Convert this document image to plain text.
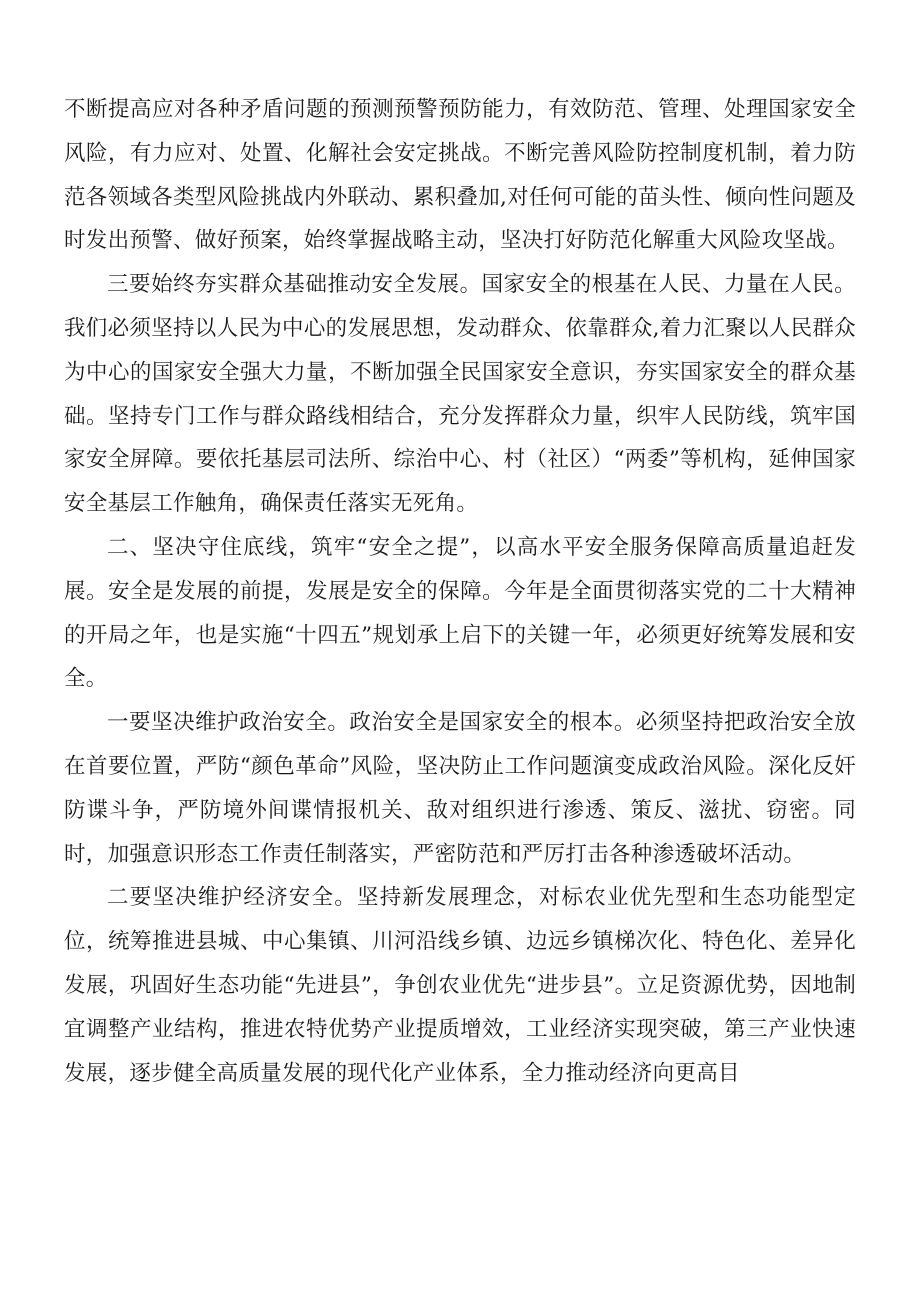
不断提高应对各种矛盾问题的预测预警预防能力，有效防范、管理、处理国家安全风险，有力应对、处置、化解社会安定挑战。不断完善风险防控制度机制，着力防范各领域各类型风险挑战内外联动、累积叠加,对任何可能的苗头性、倾向性问题及时发出预警、做好预案，始终掌握战略主动，坚决打好防范化解重大风险攻坚战。

三要始终夯实群众基础推动安全发展。国家安全的根基在人民、力量在人民。我们必须坚持以人民为中心的发展思想，发动群众、依靠群众,着力汇聚以人民群众为中心的国家安全强大力量，不断加强全民国家安全意识，夯实国家安全的群众基础。坚持专门工作与群众路线相结合，充分发挥群众力量，织牢人民防线，筑牢国家安全屏障。要依托基层司法所、综治中心、村（社区）“两委”等机构，延伸国家安全基层工作触角，确保责任落实无死角。

二、坚决守住底线，筑牢“安全之提”，以高水平安全服务保障高质量追赶发展。安全是发展的前提，发展是安全的保障。今年是全面贯彻落实党的二十大精神的开局之年，也是实施“十四五”规划承上启下的关键一年，必须更好统筹发展和安全。

一要坚决维护政治安全。政治安全是国家安全的根本。必须坚持把政治安全放在首要位置，严防“颜色革命”风险，坚决防止工作问题演变成政治风险。深化反奸防谍斗争，严防境外间谍情报机关、敌对组织进行渗透、策反、滋扰、窃密。同时，加强意识形态工作责任制落实，严密防范和严厉打击各种渗透破坏活动。

二要坚决维护经济安全。坚持新发展理念，对标农业优先型和生态功能型定位，统筹推进县城、中心集镇、川河沿线乡镇、边远乡镇梯次化、特色化、差异化发展，巩固好生态功能“先进县”，争创农业优先“进步县”。立足资源优势，因地制宜调整产业结构，推进农特优势产业提质增效，工业经济实现突破，第三产业快速发展，逐步健全高质量发展的现代化产业体系，全力推动经济向更高目
